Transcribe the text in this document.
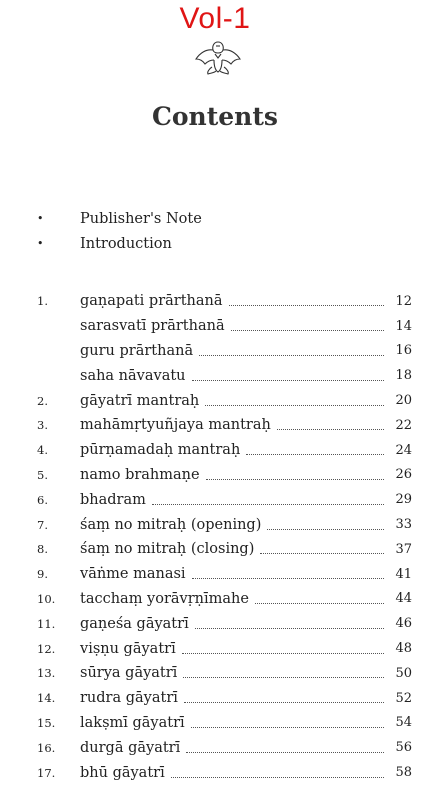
Vol-1
Contents
•	Publisher's Note
•	Introduction
1.	gaṇapati prārthanā	12
sarasvatī prārthanā	14
guru prārthanā	16
saha nāvavatu	18
2.	gāyatrī mantraḥ	20
3.	mahāmṛtyuñjaya mantraḥ	22
4.	pūrṇamadaḥ mantraḥ	24
5.	namo brahmaṇe	26
6.	bhadram	29
7.	śaṃ no mitraḥ (opening)	33
8.	śaṃ no mitraḥ (closing)	37
9.	vāṅme manasi	41
10.	tacchaṃ yorāvṛṇīmahe	44
11.	gaṇeśa gāyatrī	46
12.	viṣṇu gāyatrī	48
13.	sūrya gāyatrī	50
14.	rudra gāyatrī	52
15.	lakṣmī gāyatrī	54
16.	durgā gāyatrī	56
17.	bhū gāyatrī	58
